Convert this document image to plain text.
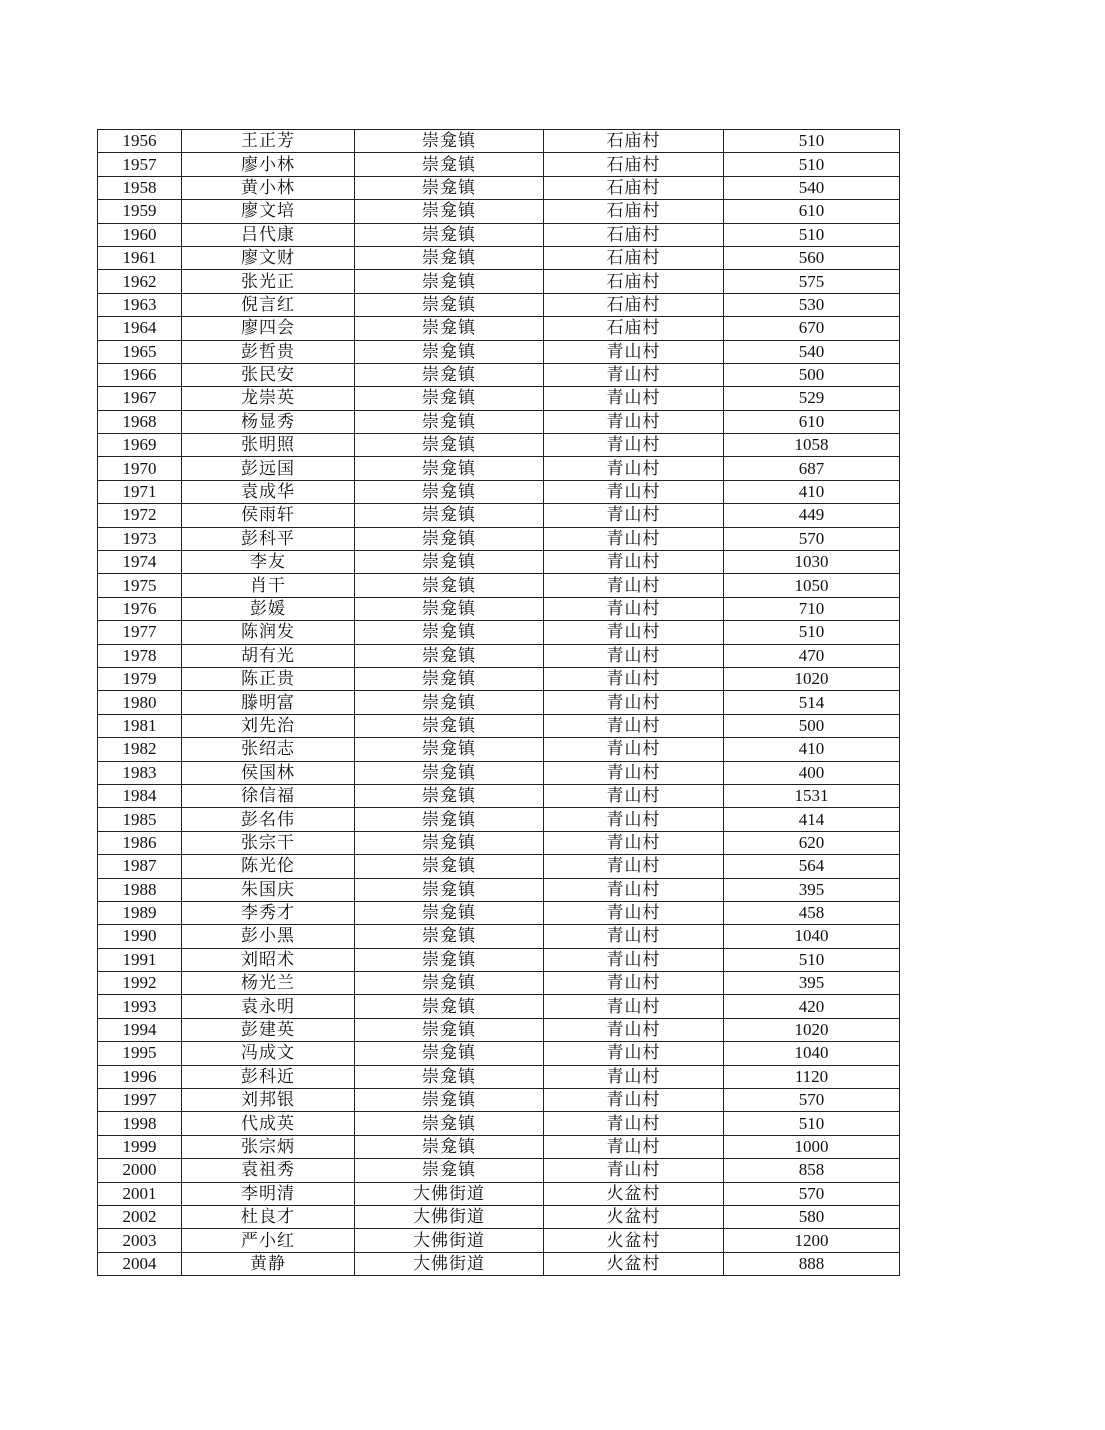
1956	王正芳	崇龛镇	石庙村	510
1957	廖小林	崇龛镇	石庙村	510
1958	黄小林	崇龛镇	石庙村	540
1959	廖文培	崇龛镇	石庙村	610
1960	吕代康	崇龛镇	石庙村	510
1961	廖文财	崇龛镇	石庙村	560
1962	张光正	崇龛镇	石庙村	575
1963	倪言红	崇龛镇	石庙村	530
1964	廖四会	崇龛镇	石庙村	670
1965	彭哲贵	崇龛镇	青山村	540
1966	张民安	崇龛镇	青山村	500
1967	龙崇英	崇龛镇	青山村	529
1968	杨显秀	崇龛镇	青山村	610
1969	张明照	崇龛镇	青山村	1058
1970	彭远国	崇龛镇	青山村	687
1971	袁成华	崇龛镇	青山村	410
1972	侯雨轩	崇龛镇	青山村	449
1973	彭科平	崇龛镇	青山村	570
1974	李友	崇龛镇	青山村	1030
1975	肖干	崇龛镇	青山村	1050
1976	彭媛	崇龛镇	青山村	710
1977	陈润发	崇龛镇	青山村	510
1978	胡有光	崇龛镇	青山村	470
1979	陈正贵	崇龛镇	青山村	1020
1980	滕明富	崇龛镇	青山村	514
1981	刘先治	崇龛镇	青山村	500
1982	张绍志	崇龛镇	青山村	410
1983	侯国林	崇龛镇	青山村	400
1984	徐信福	崇龛镇	青山村	1531
1985	彭名伟	崇龛镇	青山村	414
1986	张宗干	崇龛镇	青山村	620
1987	陈光伦	崇龛镇	青山村	564
1988	朱国庆	崇龛镇	青山村	395
1989	李秀才	崇龛镇	青山村	458
1990	彭小黑	崇龛镇	青山村	1040
1991	刘昭术	崇龛镇	青山村	510
1992	杨光兰	崇龛镇	青山村	395
1993	袁永明	崇龛镇	青山村	420
1994	彭建英	崇龛镇	青山村	1020
1995	冯成文	崇龛镇	青山村	1040
1996	彭科近	崇龛镇	青山村	1120
1997	刘邦银	崇龛镇	青山村	570
1998	代成英	崇龛镇	青山村	510
1999	张宗炳	崇龛镇	青山村	1000
2000	袁祖秀	崇龛镇	青山村	858
2001	李明清	大佛街道	火盆村	570
2002	杜良才	大佛街道	火盆村	580
2003	严小红	大佛街道	火盆村	1200
2004	黄静	大佛街道	火盆村	888
